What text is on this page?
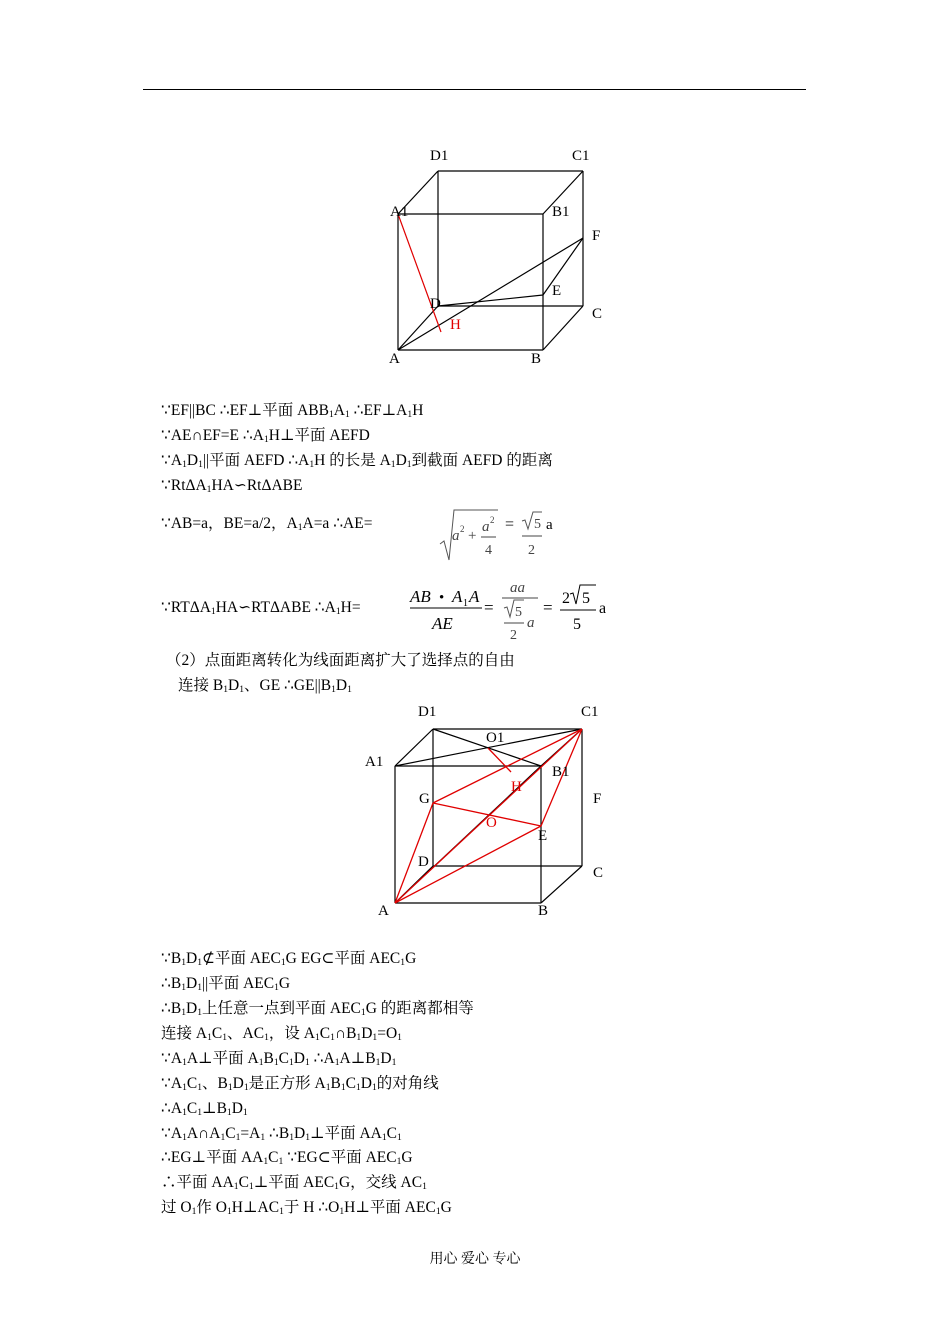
D1	C1
A1	B1
F
D
E
C
H
A	B
∵EF||BC ∴EF⊥平面 $ABB_1A_1$ $\therefore EF\perp A_1H$
∵AE∩EF=E $\therefore A_1H\perp$平面 AEFD
$\because A_1D_1||$平面 AEFD $\therefore A_1H$ 的长是 $A_1D_1$到截面 AEFD 的距离
∵RtΔA$_1$HA∽RtΔABE
∵AB=a，BE=a/2，$A_1A=a$ ∴AE=
a 2 +
a 2
4
= 5
2
a
$\because RT\Delta A_1HA∽RT\Delta ABE$ $\therefore A_1H=$
AB • A 1 A
AE
=
aa
5
2
a
= 2 5
5
a
（2）点面距离转化为线面距离扩大了选择点的自由
连接 $B_1D_1$、GE $\therefore GE||B_1D_1$
D1
O1
C1
A1
B1
H
G	F
O
E
D
C
A	B
$\because B_1D_1⊄$平面 $AEC_1G$ EG⊂平面 $AEC_1G$
$\therefore B_1D_1||$平面 $AEC_1G$
$\therefore B_1D_1$上任意一点到平面 $AEC_1G$ 的距离都相等
连接 $A_1C_1$、$AC_1$，设 $A_1C_1\cap B_1D_1=O_1$
$\because A_1A\perp$平面 $A_1B_1C_1D_1$ $\therefore A_1A\perp B_1D_1$
$\because A_1C_1$、$B_1D_1$是正方形 $A_1B_1C_1D_1$的对角线
$\therefore A_1C_1\perp B_1D_1$
$\because A_1A\cap A_1C_1=A_1$ $\therefore B_1D_1\perp$平面 $AA_1C_1$
∴EG⊥平面 $AA_1C_1$ ∵EG⊂平面 $AEC_1G$
∴平面 $AA_1C_1\perp$平面 $AEC_1G$，交线 $AC_1$
过 $O_1$作 $O_1H\perp AC_1$于 H $\therefore O_1H\perp$平面 $AEC_1G$
用心 爱心 专心
